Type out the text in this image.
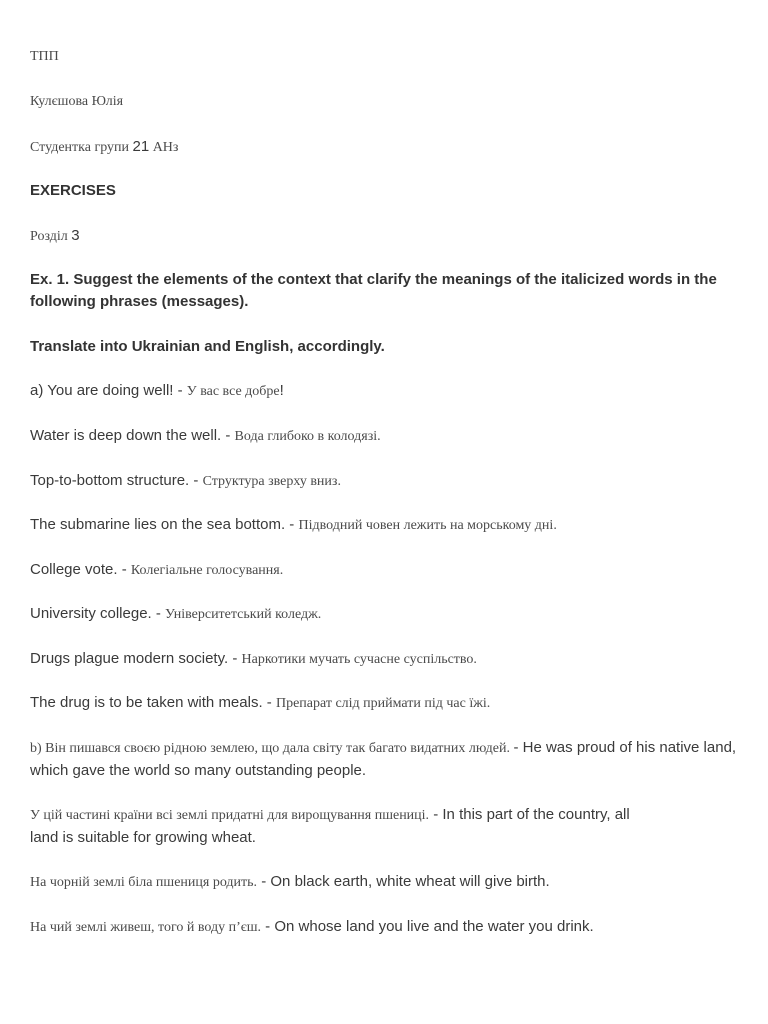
ТПП
Кулєшова Юлія
Студентка групи 21 АНз
EXERCISES
Розділ 3
Ex. 1. Suggest the elements of the context that clarify the meanings of the italicized words in the following phrases (messages).
Translate into Ukrainian and English, accordingly.
a) You are doing well! - У вас все добре!
Water is deep down the well. - Вода глибоко в колодязі.
Top-to-bottom structure. - Структура зверху вниз.
The submarine lies on the sea bottom. - Підводний човен лежить на морському дні.
College vote. - Колегіальне голосування.
University college. - Університетський коледж.
Drugs plague modern society. - Наркотики мучать сучасне суспільство.
The drug is to be taken with meals. - Препарат слід приймати під час їжі.
b) Він пишався своєю рідною землею, що дала світу так багато видатних людей. - He was proud of his native land, which gave the world so many outstanding people.
У цій частині країни всі землі придатні для вирощування пшениці. - In this part of the country, all land is suitable for growing wheat.
На чорній землі біла пшениця родить. - On black earth, white wheat will give birth.
На чий землі живеш, того й воду п’єш. - On whose land you live and the water you drink.
